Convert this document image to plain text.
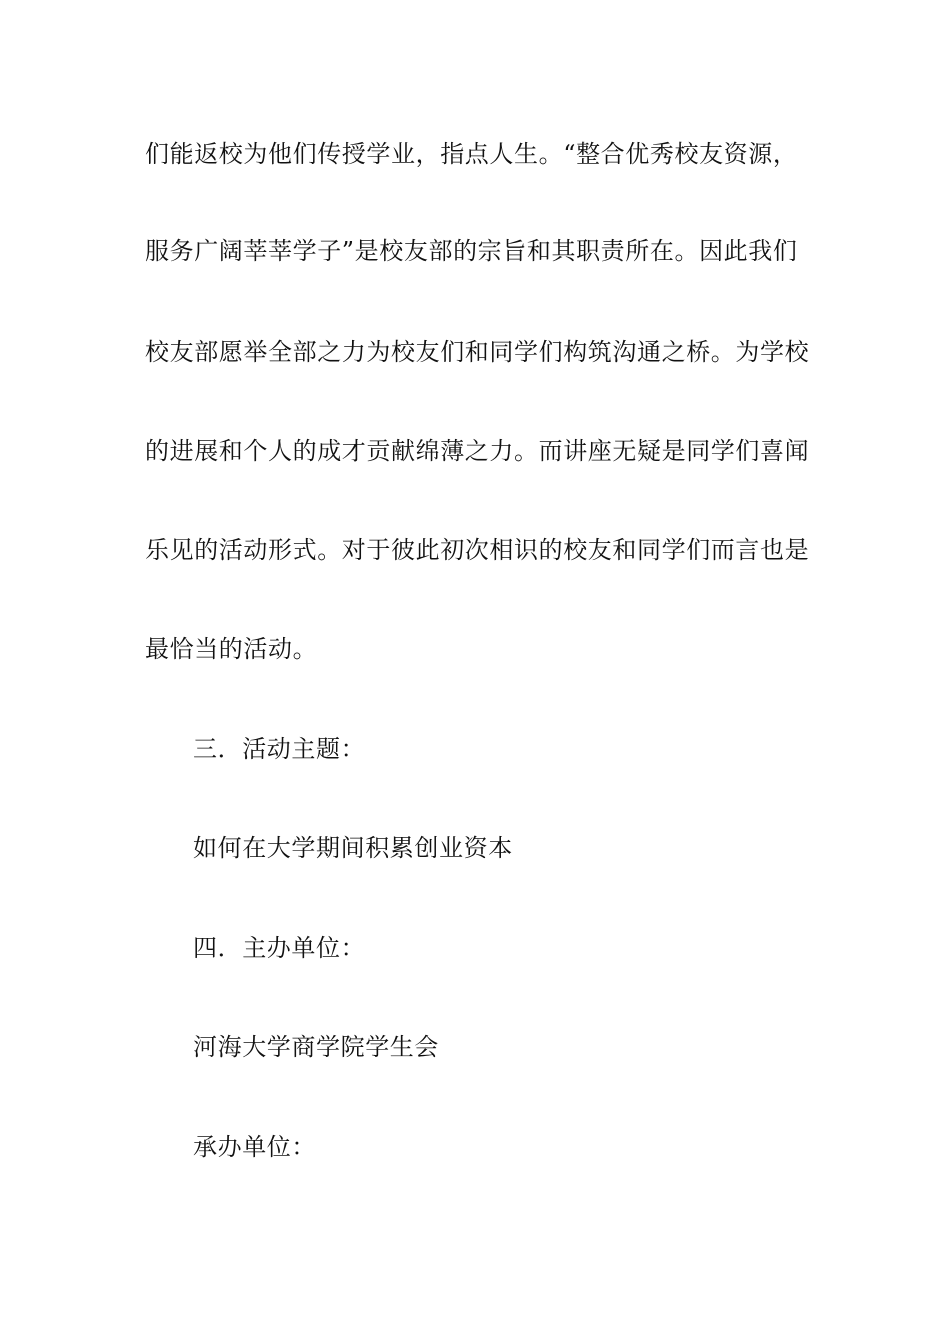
们能返校为他们传授学业，指点人生。“整合优秀校友资源，
服务广阔莘莘学子”是校友部的宗旨和其职责所在。因此我们
校友部愿举全部之力为校友们和同学们构筑沟通之桥。为学校
的进展和个人的成才贡献绵薄之力。而讲座无疑是同学们喜闻
乐见的活动形式。对于彼此初次相识的校友和同学们而言也是
最恰当的活动。
三．活动主题：
如何在大学期间积累创业资本
四．主办单位：
河海大学商学院学生会
承办单位：
